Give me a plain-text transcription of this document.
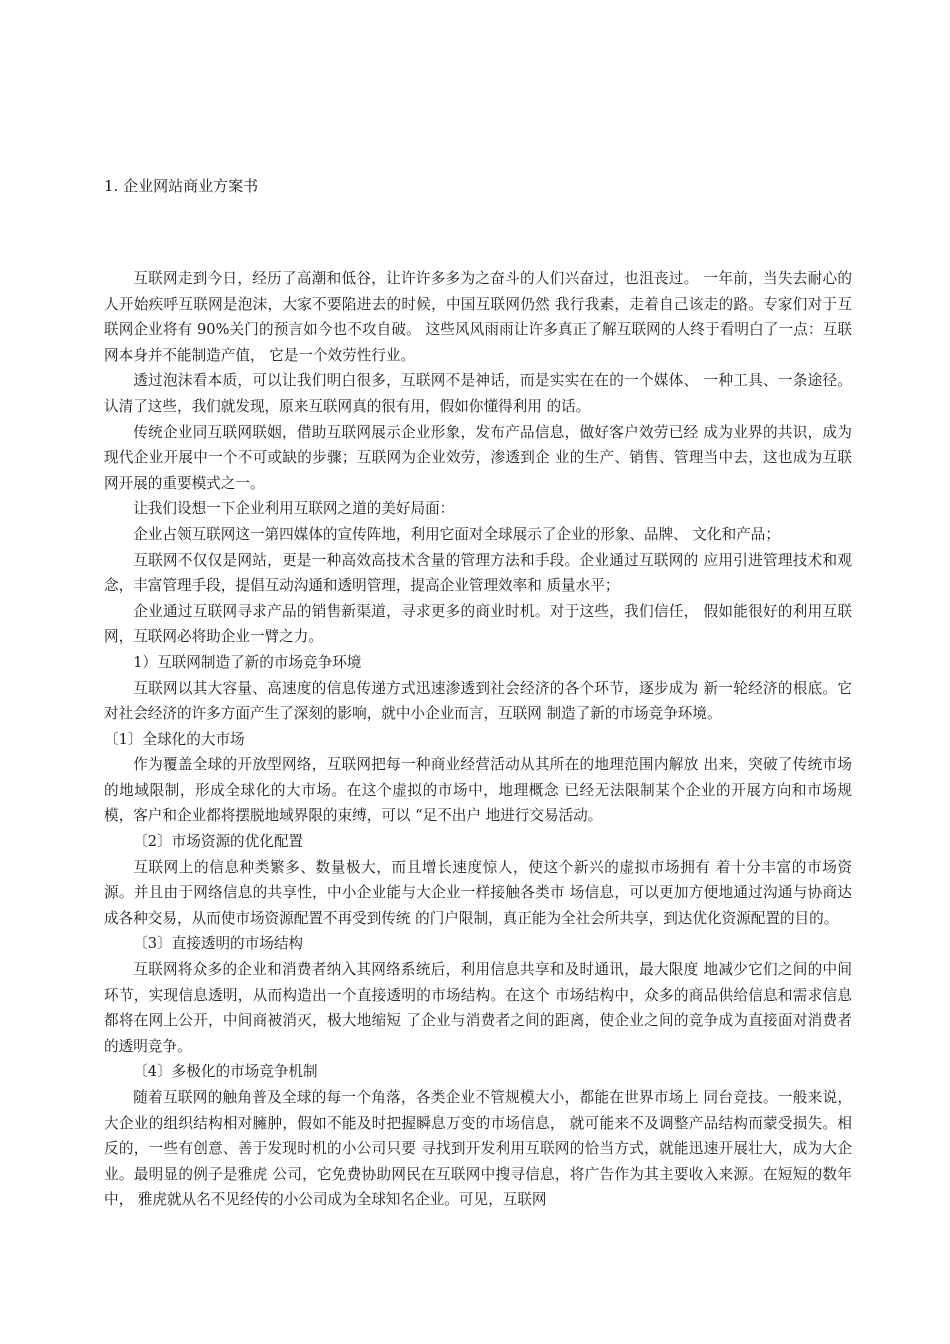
1. 企业网站商业方案书

互联网走到今日，经历了高潮和低谷，让许许多多为之奋斗的人们兴奋过，也沮丧过。 一年前，当失去耐心的人开始疾呼互联网是泡沫，大家不要陷进去的时候，中国互联网仍然 我行我素，走着自己该走的路。专家们对于互联网企业将有 90%关门的预言如今也不攻自破。 这些风风雨雨让许多真正了解互联网的人终于看明白了一点：互联网本身并不能制造产值， 它是一个效劳性行业。

透过泡沫看本质，可以让我们明白很多，互联网不是神话，而是实实在在的一个媒体、 一种工具、一条途径。认清了这些，我们就发现，原来互联网真的很有用，假如你懂得利用 的话。

传统企业同互联网联姻，借助互联网展示企业形象，发布产品信息，做好客户效劳已经 成为业界的共识，成为现代企业开展中一个不可或缺的步骤；互联网为企业效劳，渗透到企 业的生产、销售、管理当中去，这也成为互联网开展的重要模式之一。

让我们设想一下企业利用互联网之道的美好局面：

企业占领互联网这一第四媒体的宣传阵地，利用它面对全球展示了企业的形象、品牌、 文化和产品；

互联网不仅仅是网站，更是一种高效高技术含量的管理方法和手段。企业通过互联网的 应用引进管理技术和观念，丰富管理手段，提倡互动沟通和透明管理，提高企业管理效率和 质量水平；

企业通过互联网寻求产品的销售新渠道，寻求更多的商业时机。对于这些，我们信任， 假如能很好的利用互联网，互联网必将助企业一臂之力。

1）互联网制造了新的市场竞争环境

互联网以其大容量、高速度的信息传递方式迅速渗透到社会经济的各个环节，逐步成为 新一轮经济的根底。它对社会经济的许多方面产生了深刻的影响，就中小企业而言，互联网 制造了新的市场竞争环境。

〔1〕全球化的大市场

作为覆盖全球的开放型网络，互联网把每一种商业经营活动从其所在的地理范围内解放 出来，突破了传统市场的地域限制，形成全球化的大市场。在这个虚拟的市场中，地理概念 已经无法限制某个企业的开展方向和市场规模，客户和企业都将摆脱地域界限的束缚，可以 “足不出户 地进行交易活动。

〔2〕市场资源的优化配置

互联网上的信息种类繁多、数量极大，而且增长速度惊人，使这个新兴的虚拟市场拥有 着十分丰富的市场资源。并且由于网络信息的共享性，中小企业能与大企业一样接触各类市 场信息，可以更加方便地通过沟通与协商达成各种交易，从而使市场资源配置不再受到传统 的门户限制，真正能为全社会所共享，到达优化资源配置的目的。

〔3〕直接透明的市场结构

互联网将众多的企业和消费者纳入其网络系统后，利用信息共享和及时通讯，最大限度 地减少它们之间的中间环节，实现信息透明，从而构造出一个直接透明的市场结构。在这个 市场结构中，众多的商品供给信息和需求信息都将在网上公开，中间商被消灭，极大地缩短 了企业与消费者之间的距离，使企业之间的竞争成为直接面对消费者的透明竞争。

〔4〕多极化的市场竞争机制

随着互联网的触角普及全球的每一个角落，各类企业不管规模大小，都能在世界市场上 同台竞技。一般来说，大企业的组织结构相对臃肿，假如不能及时把握瞬息万变的市场信息， 就可能来不及调整产品结构而蒙受损失。相反的，一些有创意、善于发现时机的小公司只要 寻找到开发利用互联网的恰当方式，就能迅速开展壮大，成为大企业。最明显的例子是雅虎 公司，它免费协助网民在互联网中搜寻信息，将广告作为其主要收入来源。在短短的数年中， 雅虎就从名不见经传的小公司成为全球知名企业。可见，互联网
